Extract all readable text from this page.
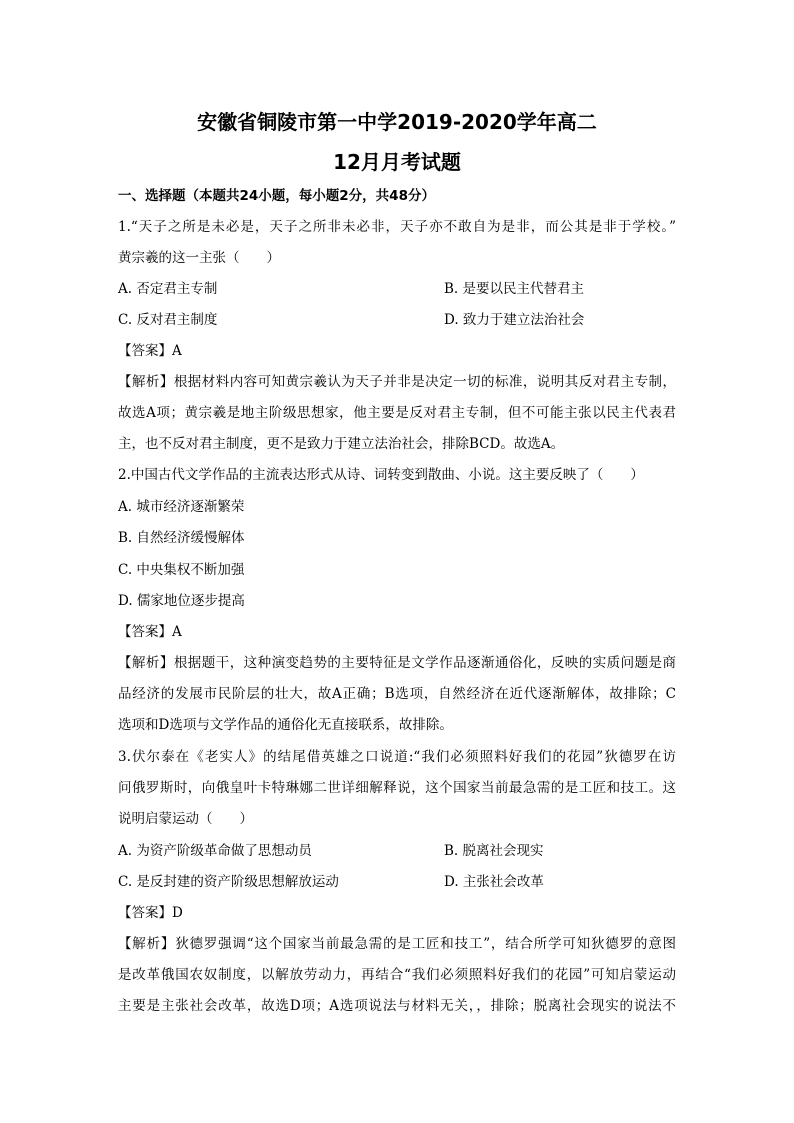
安徽省铜陵市第一中学2019-2020学年高二
12月月考试题
一、选择题（本题共24小题，每小题2分，共48分）
1.“天子之所是未必是，天子之所非未必非，天子亦不敢自为是非，而公其是非于学校。”
黄宗羲的这一主张（　　）
A. 否定君主专制	B. 是要以民主代替君主
C. 反对君主制度	D. 致力于建立法治社会
【答案】A
【解析】根据材料内容可知黄宗羲认为天子并非是决定一切的标准，说明其反对君主专制，
故选A项；黄宗羲是地主阶级思想家，他主要是反对君主专制，但不可能主张以民主代表君
主，也不反对君主制度，更不是致力于建立法治社会，排除BCD。故选A。
2.中国古代文学作品的主流表达形式从诗、词转变到散曲、小说。这主要反映了（　　）
A. 城市经济逐渐繁荣
B. 自然经济缓慢解体
C. 中央集权不断加强
D. 儒家地位逐步提高
【答案】A
【解析】根据题干，这种演变趋势的主要特征是文学作品逐渐通俗化，反映的实质问题是商
品经济的发展市民阶层的壮大，故A正确；B选项，自然经济在近代逐渐解体，故排除；C
选项和D选项与文学作品的通俗化无直接联系，故排除。
3.伏尔泰在《老实人》的结尾借英雄之口说道:“我们必须照料好我们的花园”狄德罗在访
问俄罗斯时，向俄皇叶卡特琳娜二世详细解释说，这个国家当前最急需的是工匠和技工。这
说明启蒙运动（　　）
A. 为资产阶级革命做了思想动员	B. 脱离社会现实
C. 是反封建的资产阶级思想解放运动	D. 主张社会改革
【答案】D
【解析】狄德罗强调“这个国家当前最急需的是工匠和技工”，结合所学可知狄德罗的意图
是改革俄国农奴制度，以解放劳动力，再结合“我们必须照料好我们的花园”可知启蒙运动
主要是主张社会改革，故选D项；A选项说法与材料无关，，排除；脱离社会现实的说法不
